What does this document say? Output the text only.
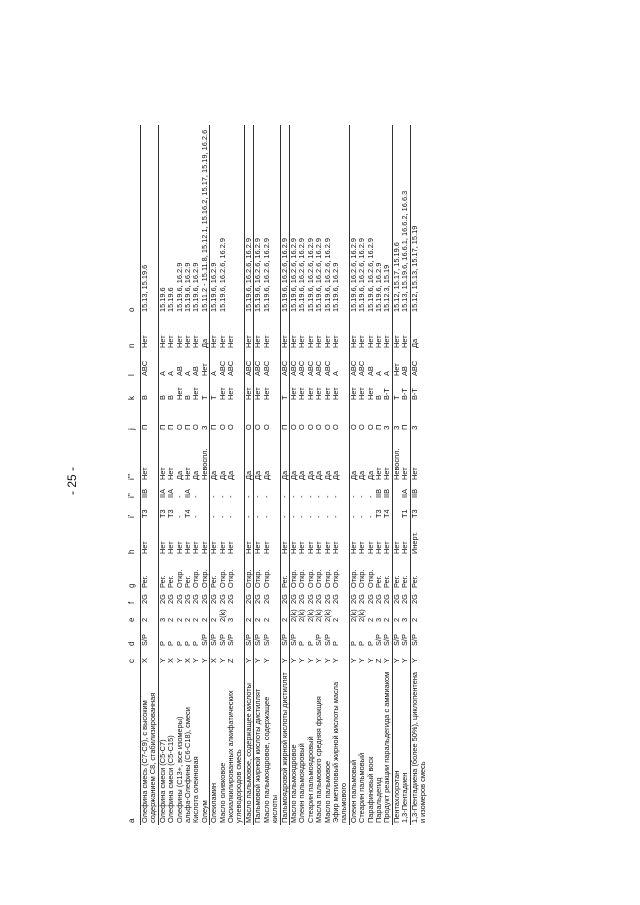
- 25 -
a	c	d	e	f	g	h	i'	i''	i'''	j	k	l	n	o
Олефина смесь (С7-С9), с высоким содержанием С8, стабилизированная	X	S/P	2	2G	Рег.	Нет	Т3	IIB	Нет	П	B	ABC	Нет	15.13, 15.19.6
Олефина смеси (С5-С7)	Y	P	3	2G	Рег.	Нет	Т3	IIA	Нет	П	B	A	Нет	15.19.6
Олефина смеси (С5-С15)	X	P	2	2G	Рег.	Нет	Т3	IIA	Нет	П	B	A	Нет	15.19.6
Олефины (С13+, все изомеры)	Y	P	2	2G	Откр.	Нет	-	-	Да	О	Нет	AB	Нет	15.19.6, 16.2.9
альфа-Олефины (С6-С18), смеси	X	P	2	2G	Рег.	Нет	Т4	IIA	Нет	П	B	A	Нет	15.19.6, 16.2.9
Кислота олеиновая	Y	P	2	2G	Откр.	Нет	-	-	Да	О	Нет	AB	Нет	15.19.6, 16.2.9
Олеум	Y	S/P	2	2G	Откр.	Нет			Невоспл.	З	Т	Нет	Да	15.11.2 - 15.11.8, 15.12.1, 15.16.2, 15.17, 15.19, 16.2.6
Олеиламин	X	S/P	2	2G	Рег.	Нет	-	-	Да	П	Т	A	Нет	15.19.6, 16.2.9
Масло оливковое	Y	S/P	2(k)	2G	Откр.	Нет	-	-	Да	О	Нет	ABC	Нет	15.19.6, 16.2.6, 16.2.9
Оксиалкилированных алкифатических углеводородов смесь	Z	S/P	3	2G	Откр.	Нет	-	-	Да	О	Нет	ABC	Нет	
Масло пальмовое, содержащее кислоты	Y	S/P	2	2G	Откр.	Нет	-	-	Да	О	Нет	ABC	Нет	15.19.6, 16.2.6, 16.2.9
Пальмовой жирной кислоты дистиллят	Y	S/P	2	2G	Откр.	Нет	-	-	Да	О	Нет	ABC	Нет	15.19.6, 16.2.6, 16.2.9
Масло пальмоядровое, содержащее кислоты	Y	S/P	2	2G	Откр.	Нет	-	-	Да	О	Нет	ABC	Нет	15.19.6, 16.2.6, 16.2.9
Пальмоядровой жирной кислоты дистиллят	Y	S/P	2	2G	Рег.	Нет	-	-	Да	П	Т	ABC	Нет	15.19.6, 16.2.6, 16.2.9
Масло пальмоядровое	Y	S/P	2(k)	2G	Откр.	Нет	-	-	Да	О	Нет	ABC	Нет	15.19.6, 16.2.6, 16.2.9
Олеин пальмоядровый	Y	P	2(k)	2G	Откр.	Нет	-	-	Да	О	Нет	ABC	Нет	15.19.6, 16.2.6, 16.2.9
Стеарин пальмоядровый	Y	P	2(k)	2G	Откр.	Нет	-	-	Да	О	Нет	ABC	Нет	15.19.6, 16.2.6, 16.2.9
Масла пальмового средняя фракция	Y	S/P	2(k)	2G	Откр.	Нет	-	-	Да	О	Нет	ABC	Нет	15.19.6, 16.2.6, 16.2.9
Масло пальмовое	Y	S/P	2(k)	2G	Откр.	Нет	-	-	Да	О	Нет	ABC	Нет	15.19.6, 16.2.6, 16.2.9
Эфир метиловый жирной кислоты масла пальмового	Y	P	2	2G	Откр.	Нет	-	-	Да	О	Нет	A	Нет	15.19.6, 16.2.9
Олеин пальмовый	Y	P	2(k)	2G	Откр.	Нет	-	-	Да	О	Нет	ABC	Нет	15.19.6, 16.2.6, 16.2.9
Стеарин пальмовый	Y	P	2(k)	2G	Откр.	Нет	-	-	Да	О	Нет	ABC	Нет	15.19.6, 16.2.6, 16.2.9
Парафиновый воск	Y	P	2	2G	Откр.	Нет	-	-	Да	О	Нет	AB	Нет	15.19.6, 16.2.6, 16.2.9
Паральдегид	Z	S/P	3	2G	Рег.	Нет	Т3	IIB	Нет	П	B	A	Нет	15.19.6, 16.2.9
Продукт реакции паральдегида с аммиаком	Y	S/P	2	2G	Рег.	Нет	Т4	IIB	Нет	З	B-T	A	Нет	15.12.3, 15.19
Пентахлорэтан	Y	S/P	2	2G	Рег.	Нет			Невоспл.	З	Т	Нет	Нет	15.12, 15.17, 15.19.6
1,3-Пентадиен	Y	S/P	3	2G	Рег.	Нет	Т1	IIA	Нет	П	B-T	AB	Нет	15.13, 15.19.6, 16.6.1, 16.6.2, 16.6.3
1,3-Пентадиена (более 50%), циклопентена и изомеров смесь	Y	S/P	2	2G	Рег.	Инерт.	Т3	IIB	Нет	З	B-T	ABC	Да	15.12, 15.13, 15.17, 15.19
